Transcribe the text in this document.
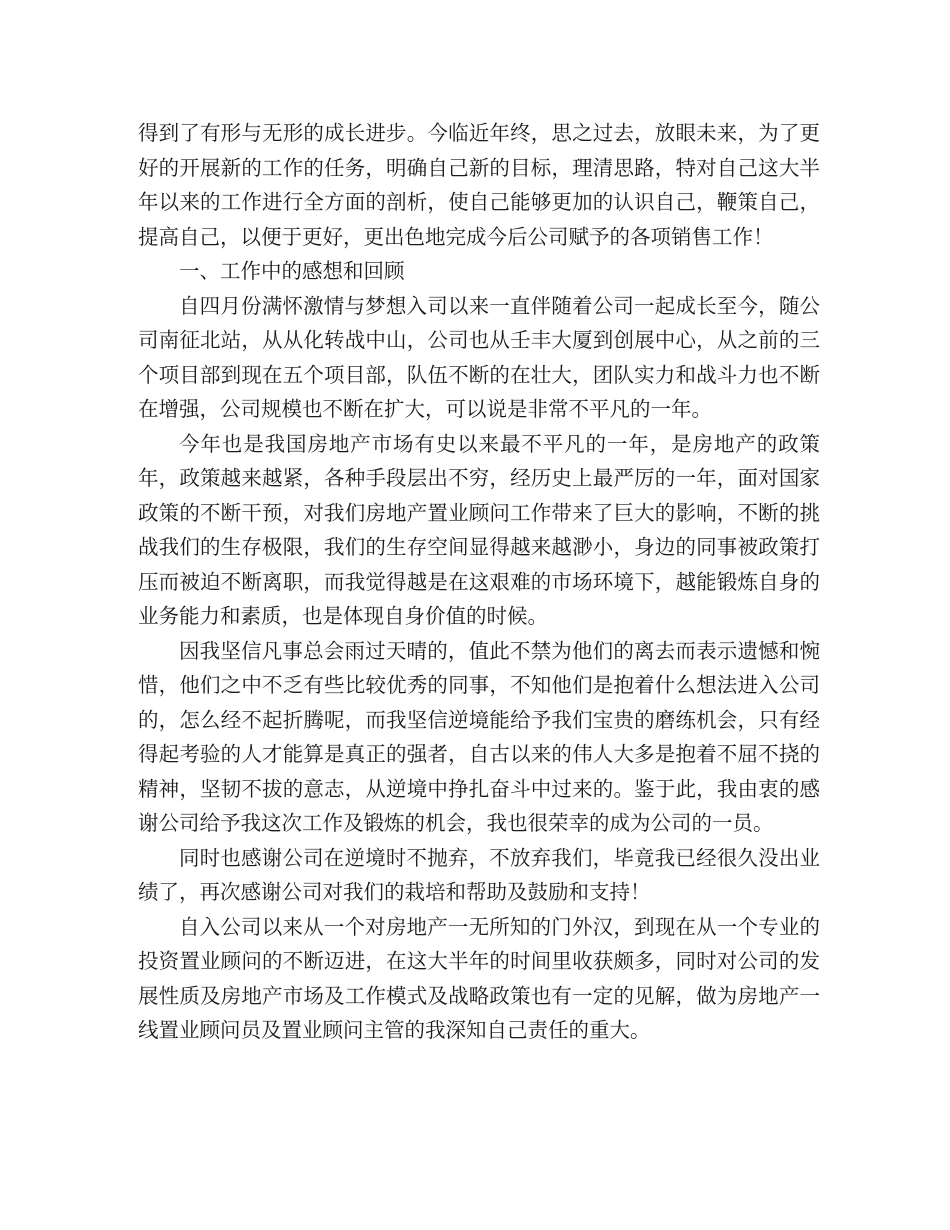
得到了有形与无形的成长进步。今临近年终，思之过去，放眼未来，为了更好的开展新的工作的任务，明确自己新的目标，理清思路，特对自己这大半年以来的工作进行全方面的剖析，使自己能够更加的认识自己，鞭策自己，提高自己，以便于更好，更出色地完成今后公司赋予的各项销售工作！

一、工作中的感想和回顾

自四月份满怀激情与梦想入司以来一直伴随着公司一起成长至今，随公司南征北站，从从化转战中山，公司也从壬丰大厦到创展中心，从之前的三个项目部到现在五个项目部，队伍不断的在壮大，团队实力和战斗力也不断在增强，公司规模也不断在扩大，可以说是非常不平凡的一年。

今年也是我国房地产市场有史以来最不平凡的一年，是房地产的政策年，政策越来越紧，各种手段层出不穷，经历史上最严厉的一年，面对国家政策的不断干预，对我们房地产置业顾问工作带来了巨大的影响，不断的挑战我们的生存极限，我们的生存空间显得越来越渺小，身边的同事被政策打压而被迫不断离职，而我觉得越是在这艰难的市场环境下，越能锻炼自身的业务能力和素质，也是体现自身价值的时候。

因我坚信凡事总会雨过天晴的，值此不禁为他们的离去而表示遗憾和惋惜，他们之中不乏有些比较优秀的同事，不知他们是抱着什么想法进入公司的，怎么经不起折腾呢，而我坚信逆境能给予我们宝贵的磨练机会，只有经得起考验的人才能算是真正的强者，自古以来的伟人大多是抱着不屈不挠的精神，坚韧不拔的意志，从逆境中挣扎奋斗中过来的。鉴于此，我由衷的感谢公司给予我这次工作及锻炼的机会，我也很荣幸的成为公司的一员。

同时也感谢公司在逆境时不抛弃，不放弃我们，毕竟我已经很久没出业绩了，再次感谢公司对我们的栽培和帮助及鼓励和支持！

自入公司以来从一个对房地产一无所知的门外汉，到现在从一个专业的投资置业顾问的不断迈进，在这大半年的时间里收获颇多，同时对公司的发展性质及房地产市场及工作模式及战略政策也有一定的见解，做为房地产一线置业顾问员及置业顾问主管的我深知自己责任的重大。
